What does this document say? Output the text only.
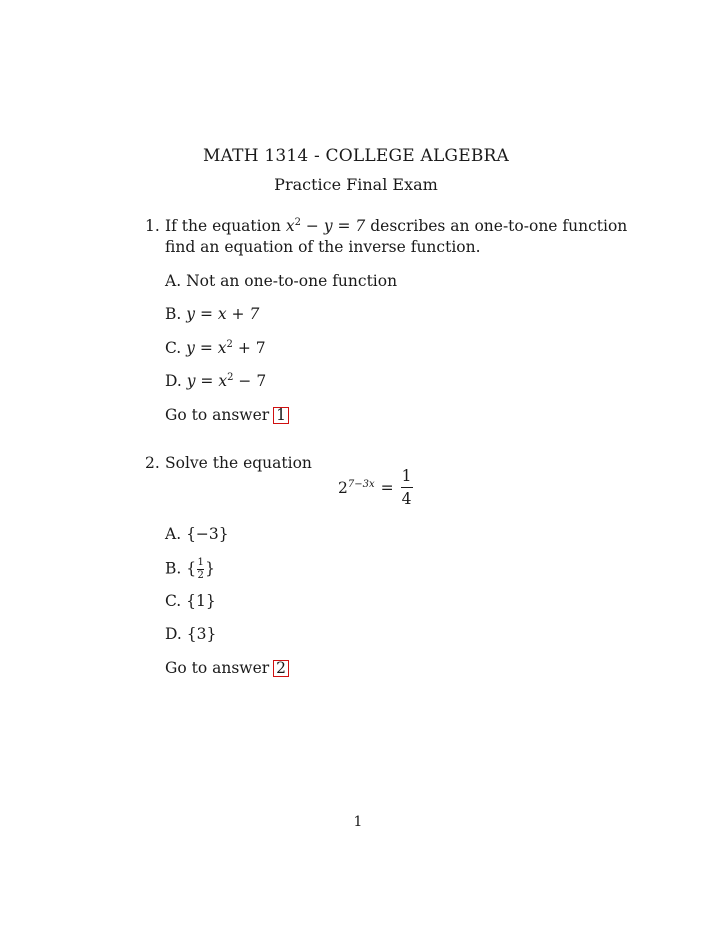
MATH 1314 - COLLEGE ALGEBRA
Practice Final Exam
1. If the equation $x^2 - y = 7$ describes an one-to-one function
find an equation of the inverse function.
A. Not an one-to-one function
B. y = x + 7
C. $y = x^2 + 7$
D. $y = x^2 - 7$
Go to answer 1
2. Solve the equation
$2^{7-3x} = \frac{1}{4}$
A. {−3}
B. { $\frac{1}{2}$ }
C. {1}
D. {3}
Go to answer 2
1
